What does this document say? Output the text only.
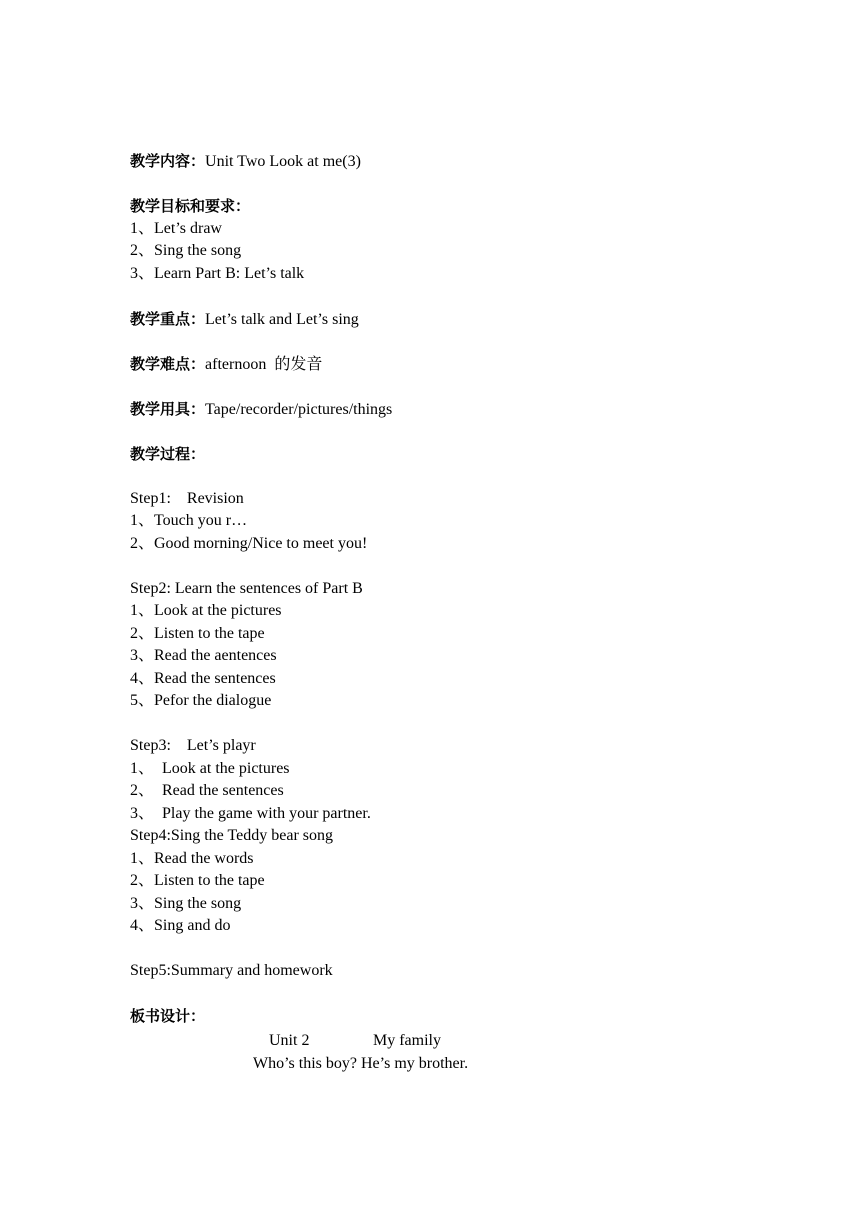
教学内容：Unit Two Look at me(3)
教学目标和要求：
1、Let’s draw
2、Sing the song
3、Learn Part B: Let’s talk
教学重点：Let’s talk and Let’s sing
教学难点：afternoon  的发音
教学用具：Tape/recorder/pictures/things
教学过程：
Step1:    Revision
1、Touch you r…
2、Good morning/Nice to meet you!
Step2: Learn the sentences of Part B
1、Look at the pictures
2、Listen to the tape
3、Read the aentences
4、Read the sentences
5、Pefor the dialogue
Step3:    Let’s playr
1、  Look at the pictures
2、  Read the sentences
3、  Play the game with your partner.
Step4:Sing the Teddy bear song
1、Read the words
2、Listen to the tape
3、Sing the song
4、Sing and do
Step5:Summary and homework
板书设计：
Unit 2	My family
Who’s this boy? He’s my brother.
